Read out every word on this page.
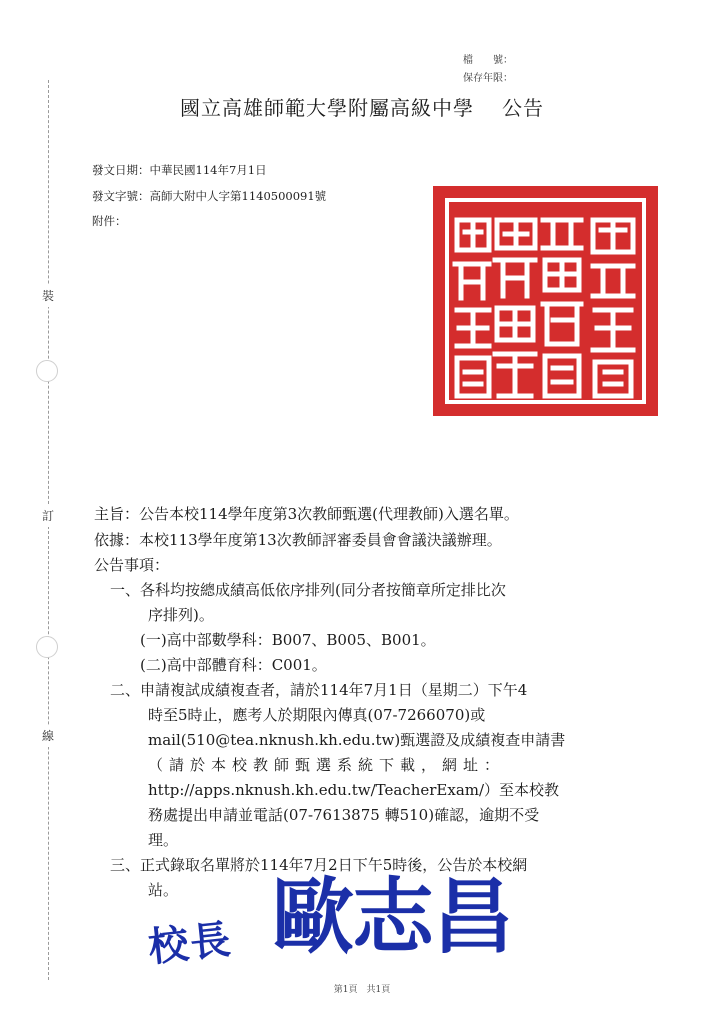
裝
訂
線
檔　　號：
保存年限：
國立高雄師範大學附屬高級中學 公告
發文日期：中華民國114年7月1日
發文字號：高師大附中人字第1140500091號
附件：
主旨：公告本校114學年度第3次教師甄選(代理教師)入選名單。
依據：本校113學年度第13次教師評審委員會會議決議辦理。
公告事項：
一、各科均按總成績高低依序排列(同分者按簡章所定排比次
序排列)。
(一)高中部數學科：B007、B005、B001。
(二)高中部體育科：C001。
二、申請複試成績複查者，請於114年7月1日（星期二）下午4
時至5時止，應考人於期限內傳真(07-7266070)或
mail(510@tea.nknush.kh.edu.tw)甄選證及成績複查申請書
（請於本校教師甄選系統下載，網址：
http://apps.nknush.kh.edu.tw/TeacherExam/）至本校教
務處提出申請並電話(07-7613875 轉510)確認，逾期不受
理。
三、正式錄取名單將於114年7月2日下午5時後，公告於本校網
站。
校長 歐志昌
第1頁　共1頁
